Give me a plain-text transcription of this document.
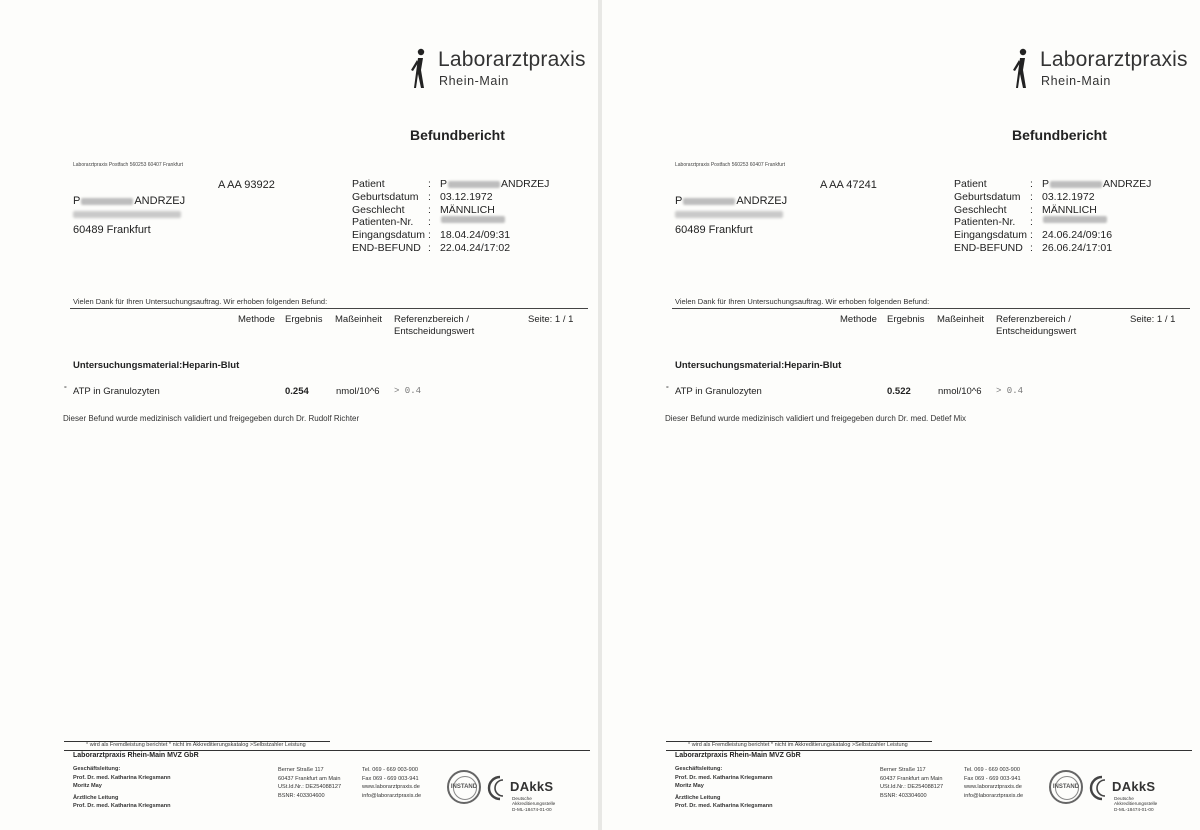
Laborarztpraxis
Rhein-Main
Befundbericht
Laborarztpraxis Postfach 560253 60407 Frankfurt
A AA 93922
P	ANDRZEJ
60489 Frankfurt
Patient	: P	ANDRZEJ
Geburtsdatum : 03.12.1972
Geschlecht	: MÄNNLICH
Patienten-Nr.	:
Eingangsdatum : 18.04.24/09:31
END-BEFUND : 22.04.24/17:02
Vielen Dank für Ihren Untersuchungsauftrag. Wir erhoben folgenden Befund:
Methode Ergebnis Maßeinheit Referenzbereich /
Entscheidungswert
Seite: 1 / 1
Untersuchungsmaterial:Heparin-Blut
° ATP in Granulozyten	0.254	nmol/10^6 > 0.4
Dieser Befund wurde medizinisch validiert und freigegeben durch Dr. Rudolf Richter
° wird als Fremdleistung berichtet * nicht im Akkreditierungskatalog >Selbstzahler Leistung
Laborarztpraxis Rhein-Main MVZ GbR
Geschäftsleitung:
Prof. Dr. med. Katharina Kriegsmann
Moritz May
Ärztliche Leitung
Prof. Dr. med. Katharina Kriegsmann
Berner Straße 117
60437 Frankfurt am Main
USt.Id.Nr.: DE254088127
BSNR: 403304600
Tel. 069 - 669 003-900
Fax 069 - 669 003-941
www.laborarztpraxis.de
info@laborarztpraxis.de
INSTAND	DAkkS
Deutsche
Akkreditierungsstelle
D-ML-18474-01-00
Laborarztpraxis
Rhein-Main
Befundbericht
Laborarztpraxis Postfach 560253 60407 Frankfurt
A AA 47241
P	ANDRZEJ
60489 Frankfurt
Patient	: P	ANDRZEJ
Geburtsdatum : 03.12.1972
Geschlecht	: MÄNNLICH
Patienten-Nr.	:
Eingangsdatum : 24.06.24/09:16
END-BEFUND : 26.06.24/17:01
Vielen Dank für Ihren Untersuchungsauftrag. Wir erhoben folgenden Befund:
Methode Ergebnis Maßeinheit Referenzbereich /
Entscheidungswert
Seite: 1 / 1
Untersuchungsmaterial:Heparin-Blut
° ATP in Granulozyten	0.522	nmol/10^6 > 0.4
Dieser Befund wurde medizinisch validiert und freigegeben durch Dr. med. Detlef Mix
° wird als Fremdleistung berichtet * nicht im Akkreditierungskatalog >Selbstzahler Leistung
Laborarztpraxis Rhein-Main MVZ GbR
Geschäftsleitung:
Prof. Dr. med. Katharina Kriegsmann
Moritz May
Ärztliche Leitung
Prof. Dr. med. Katharina Kriegsmann
Berner Straße 117
60437 Frankfurt am Main
USt.Id.Nr.: DE254088127
BSNR: 403304600
Tel. 069 - 669 003-900
Fax 069 - 669 003-941
www.laborarztpraxis.de
info@laborarztpraxis.de
INSTAND	DAkkS
Deutsche
Akkreditierungsstelle
D-ML-18474-01-00
